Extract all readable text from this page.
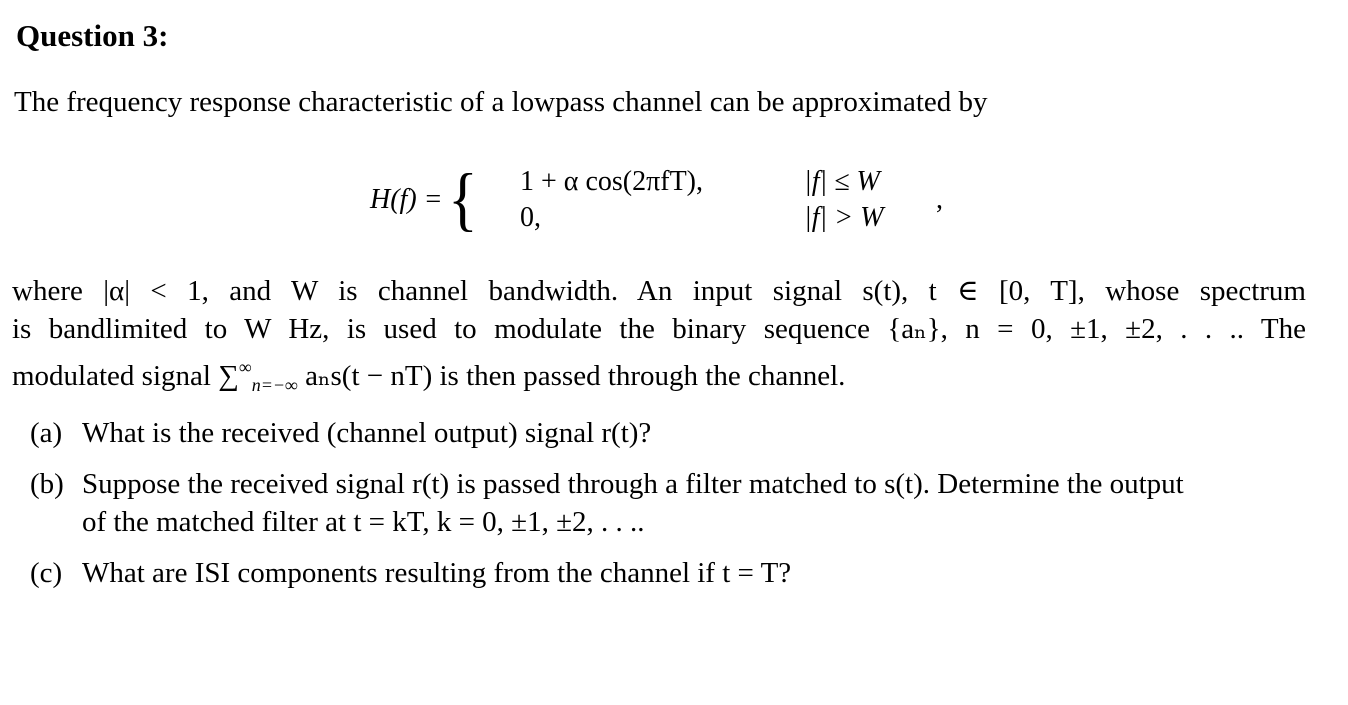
Question 3:
The frequency response characteristic of a lowpass channel can be approximated by
H(f) = { 1 + α cos(2πfT),	|f| ≤ W
0,	|f| > W
,
where |α| < 1, and W is channel bandwidth. An input signal s(t), t ∈ [0, T], whose spectrum
is bandlimited to W Hz, is used to modulate the binary sequence {aₙ}, n = 0, ±1, ±2, . . .. The
modulated signal $\sum^\infty_{n=-\infty}$ aₙs(t − nT) is then passed through the channel.
(a) What is the received (channel output) signal r(t)?
(b) Suppose the received signal r(t) is passed through a filter matched to s(t). Determine the output
of the matched filter at t = kT, k = 0, ±1, ±2, . . ..
(c) What are ISI components resulting from the channel if t = T?
